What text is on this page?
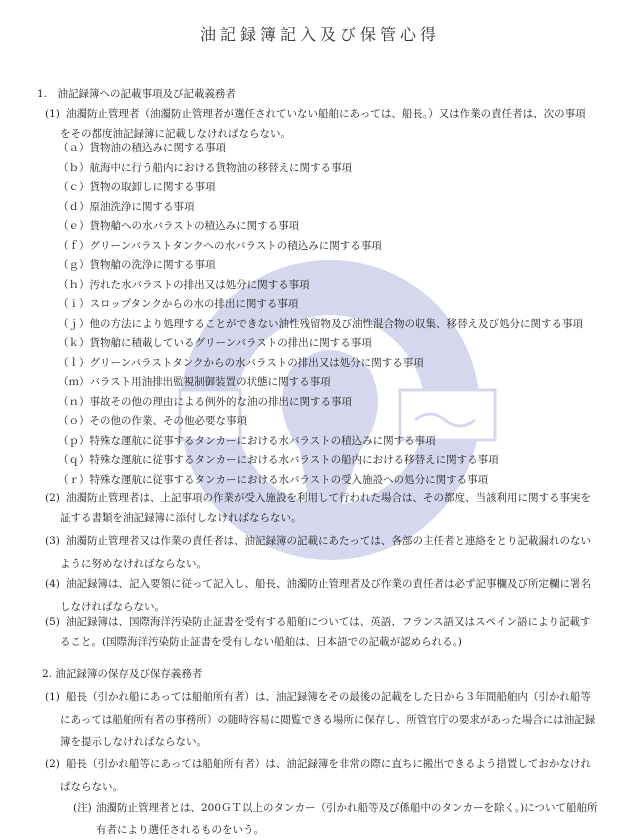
油記録簿記入及び保管心得
1.　油記録簿への記載事項及び記載義務者
(1) 油濁防止管理者（油濁防止管理者が選任されていない船舶にあっては、船長。）又は作業の責任者は、次の事項
をその都度油記録簿に記載しなければならない。
（ａ）貨物油の積込みに関する事項
（ｂ）航海中に行う船内における貨物油の移替えに関する事項
（ｃ）貨物の取卸しに関する事項
（ｄ）原油洗浄に関する事項
（ｅ）貨物艙への水バラストの積込みに関する事項
（ｆ）グリーンバラストタンクへの水バラストの積込みに関する事項
（ｇ）貨物艙の洗浄に関する事項
（ｈ）汚れた水バラストの排出又は処分に関する事項
（ｉ）スロップタンクからの水の排出に関する事項
（ｊ）他の方法により処理することができない油性残留物及び油性混合物の収集、移替え及び処分に関する事項
（ｋ）貨物艙に積載しているグリーンバラストの排出に関する事項
（ｌ）グリーンバラストタンクからの水バラストの排出又は処分に関する事項
（ｍ）バラスト用油排出監視制御装置の状態に関する事項
（ｎ）事故その他の理由による例外的な油の排出に関する事項
（ｏ）その他の作業、その他必要な事項
（ｐ）特殊な運航に従事するタンカーにおける水バラストの積込みに関する事項
（ｑ）特殊な運航に従事するタンカーにおける水バラストの船内における移替えに関する事項
（ｒ）特殊な運航に従事するタンカーにおける水バラストの受入施設への処分に関する事項
(2) 油濁防止管理者は、上記事項の作業が受入施設を利用して行われた場合は、その都度、当該利用に関する事実を
証する書類を油記録簿に添付しなければならない。
(3) 油濁防止管理者又は作業の責任者は、油記録簿の記載にあたっては、各部の主任者と連絡をとり記載漏れのない
ように努めなければならない。
(4) 油記録簿は、記入要領に従って記入し、船長、油濁防止管理者及び作業の責任者は必ず記事欄及び所定欄に署名
しなければならない。
(5) 油記録簿は、国際海洋汚染防止証書を受有する船舶については、英語、フランス語又はスペイン語により記載す
ること。(国際海洋汚染防止証書を受有しない船舶は、日本語での記載が認められる。)
2. 油記録簿の保存及び保存義務者
(1) 船長（引かれ船にあっては船舶所有者）は、油記録簿をその最後の記載をした日から３年間船舶内（引かれ船等
にあっては船舶所有者の事務所）の随時容易に閲覧できる場所に保存し、所管官庁の要求があった場合には油記録
簿を提示しなければならない。
(2) 船長（引かれ船等にあっては船舶所有者）は、油記録簿を非常の際に直ちに搬出できるよう措置しておかなけれ
ばならない。
(注) 油濁防止管理者とは、200ＧＴ以上のタンカー（引かれ船等及び係船中のタンカーを除く。)について船舶所
有者により選任されるものをいう。
